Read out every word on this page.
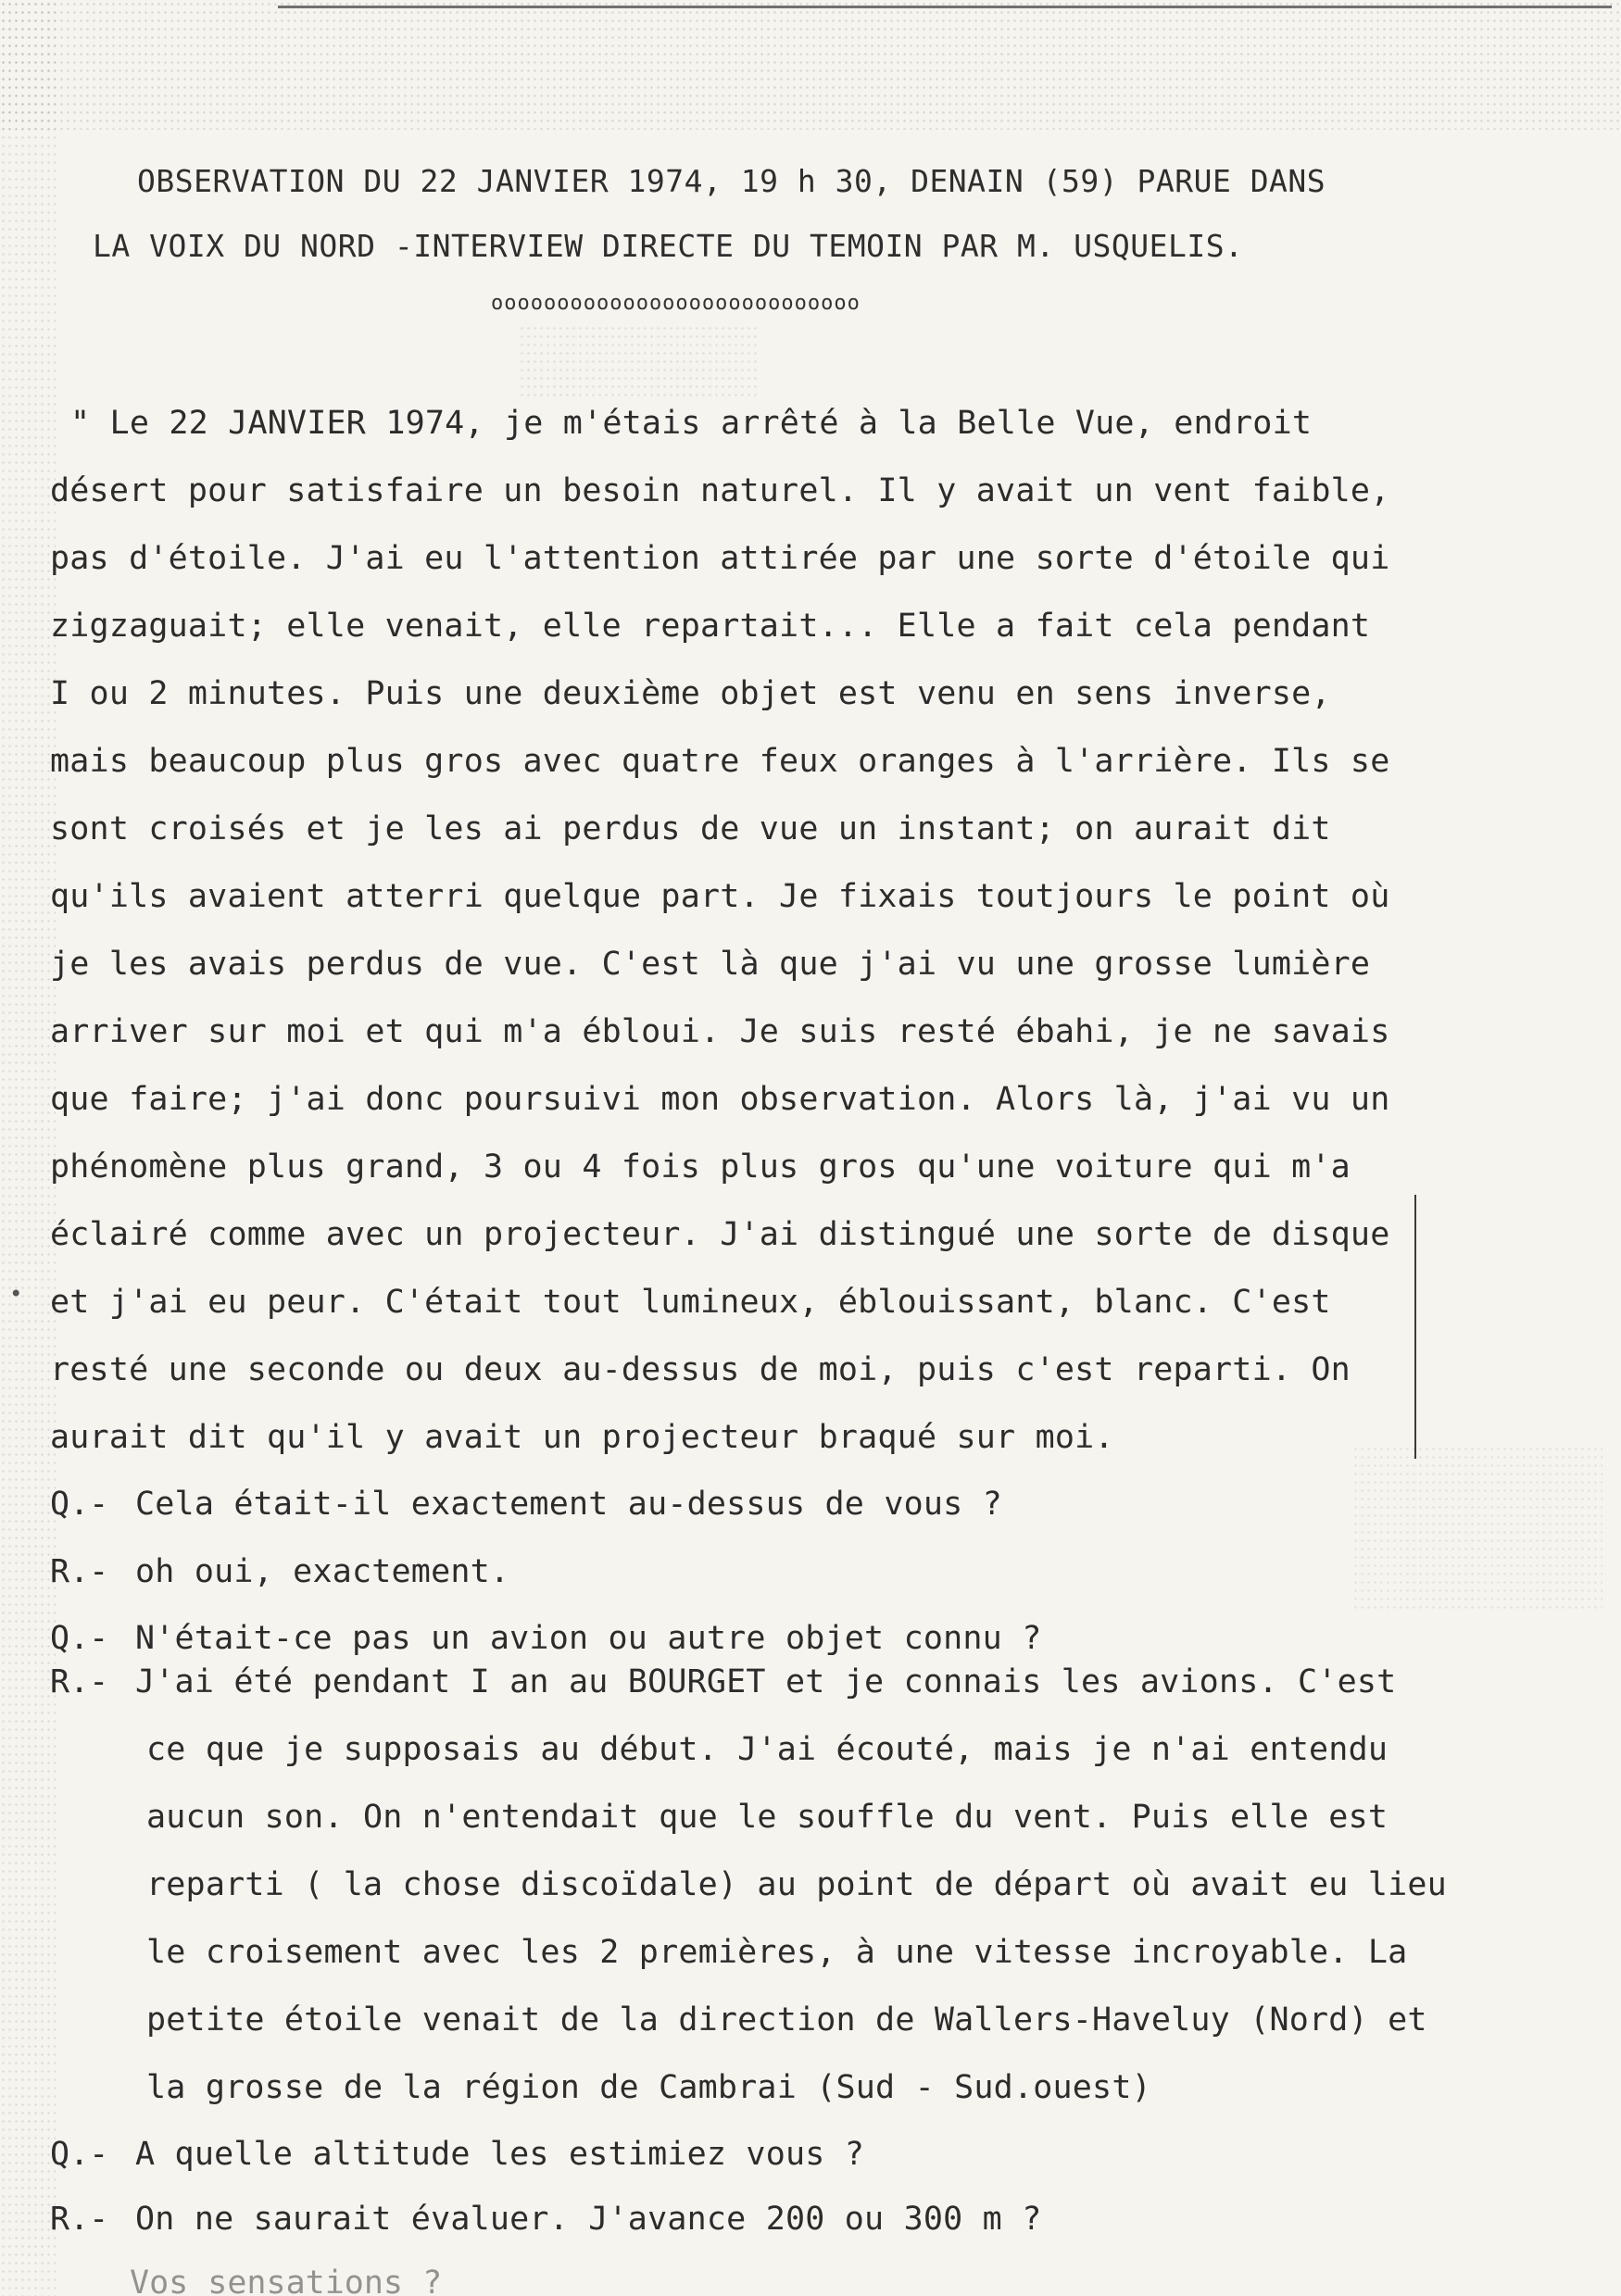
OBSERVATION DU 22 JANVIER 1974, 19 h 30, DENAIN (59) PARUE DANS
LA VOIX DU NORD -INTERVIEW DIRECTE DU TEMOIN PAR M. USQUELIS.
oooooooooooooooooooooooooooo
" Le 22 JANVIER 1974, je m'étais arrêté à la Belle Vue, endroit
désert pour satisfaire un besoin naturel. Il y avait un vent faible,
pas d'étoile. J'ai eu l'attention attirée par une sorte d'étoile qui
zigzaguait; elle venait, elle repartait... Elle a fait cela pendant
I ou 2 minutes. Puis une deuxième objet est venu en sens inverse,
mais beaucoup plus gros avec quatre feux oranges à l'arrière. Ils se
sont croisés et je les ai perdus de vue un instant; on aurait dit
qu'ils avaient atterri quelque part. Je fixais toutjours le point où
je les avais perdus de vue. C'est là que j'ai vu une grosse lumière
arriver sur moi et qui m'a ébloui. Je suis resté ébahi, je ne savais
que faire; j'ai donc poursuivi mon observation. Alors là, j'ai vu un
phénomène plus grand, 3 ou 4 fois plus gros qu'une voiture qui m'a
éclairé comme avec un projecteur. J'ai distingué une sorte de disque
et j'ai eu peur. C'était tout lumineux, éblouissant, blanc. C'est
resté une seconde ou deux au-dessus de moi, puis c'est reparti. On
aurait dit qu'il y avait un projecteur braqué sur moi.
Q.- Cela était-il exactement au-dessus de vous ?
R.- oh oui, exactement.
Q.- N'était-ce pas un avion ou autre objet connu ?
R.- J'ai été pendant I an au BOURGET et je connais les avions. C'est
ce que je supposais au début. J'ai écouté, mais je n'ai entendu
aucun son. On n'entendait que le souffle du vent. Puis elle est
reparti ( la chose discoïdale) au point de départ où avait eu lieu
le croisement avec les 2 premières, à une vitesse incroyable. La
petite étoile venait de la direction de Wallers-Haveluy (Nord) et
la grosse de la région de Cambrai (Sud - Sud.ouest)
Q.- A quelle altitude les estimiez vous ?
R.- On ne saurait évaluer. J'avance 200 ou 300 m ?
Vos sensations ?
•
